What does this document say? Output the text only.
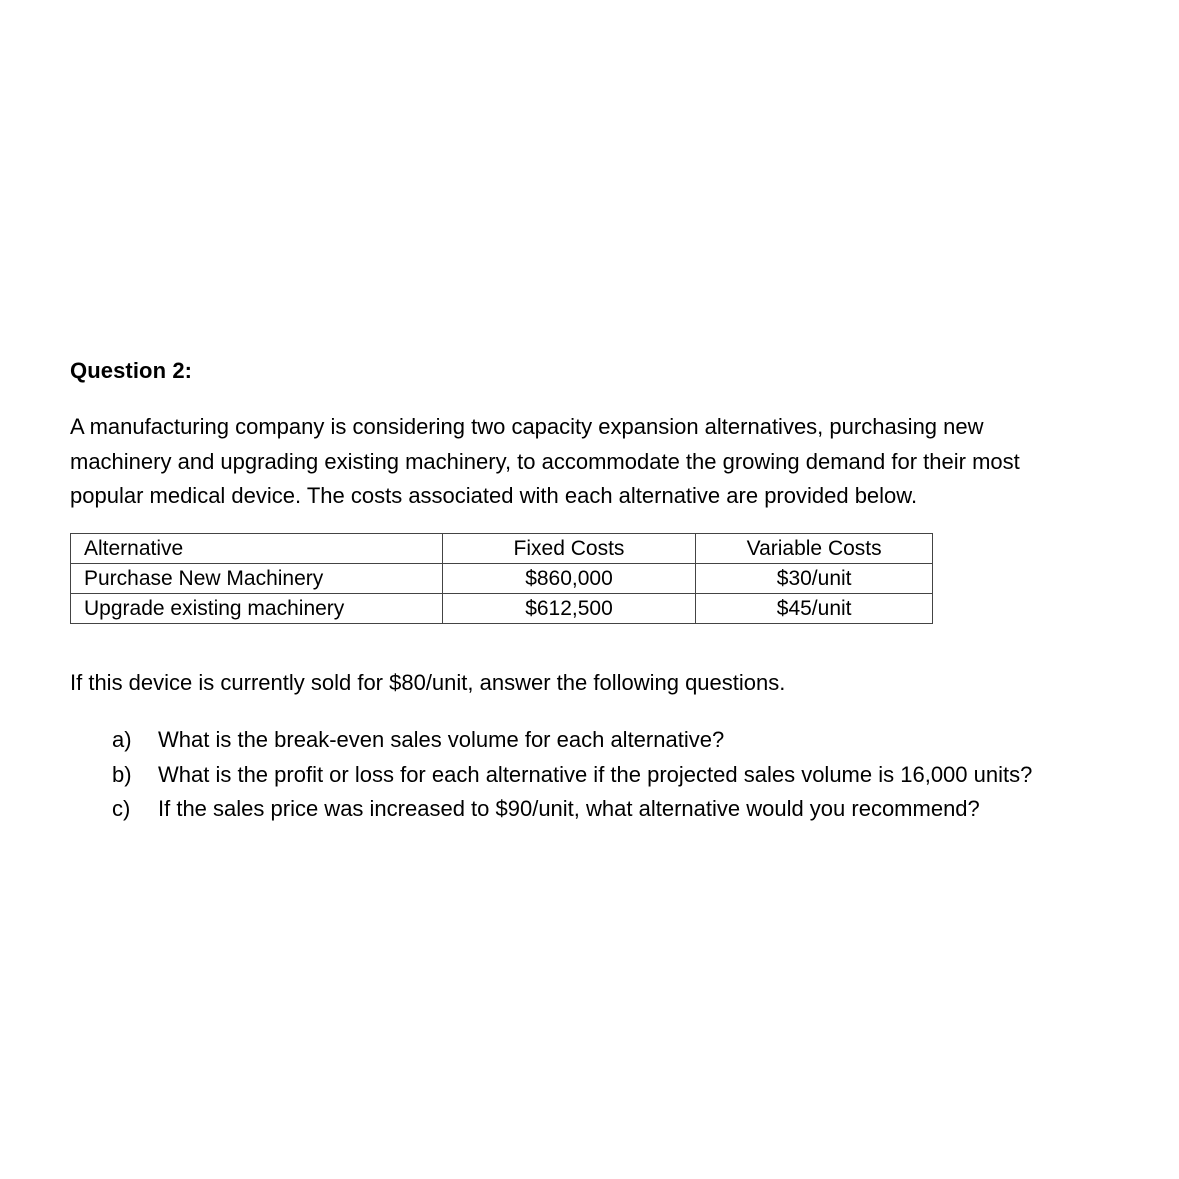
Question 2:
A manufacturing company is considering two capacity expansion alternatives, purchasing new
machinery and upgrading existing machinery, to accommodate the growing demand for their most
popular medical device. The costs associated with each alternative are provided below.
Alternative	Fixed Costs	Variable Costs
Purchase New Machinery	$860,000	$30/unit
Upgrade existing machinery	$612,500	$45/unit
If this device is currently sold for $80/unit, answer the following questions.
a) What is the break-even sales volume for each alternative?
b) What is the profit or loss for each alternative if the projected sales volume is 16,000 units?
c) If the sales price was increased to $90/unit, what alternative would you recommend?
